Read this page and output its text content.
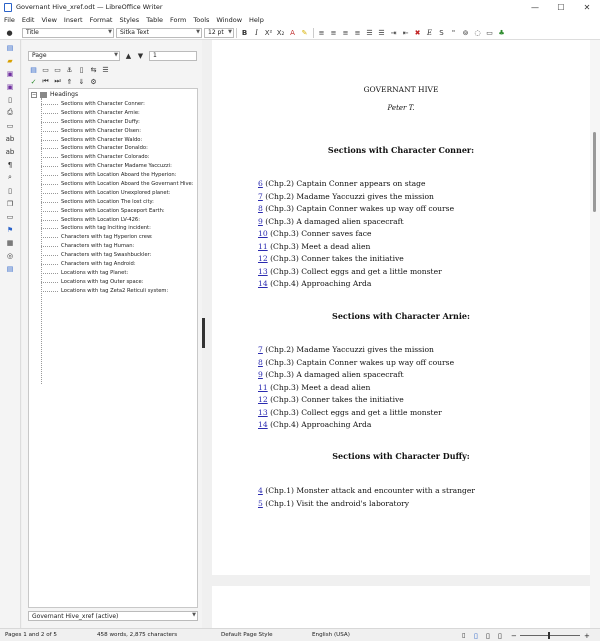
Governant Hive_xref.odt — LibreOffice Writer	—	☐	✕
File Edit View Insert Format Styles Table Form Tools Window Help
●	Title	▼ Sitka Text	▼ 12 pt ▼	B	I X² X₂ A ✎	≡ ≡ ≡ ≡ ☰ ☰ ⇥ ⇤ ✖ E	S	"	⊚ ◌ ▭ ♣
▤
▰
▣
▣
▯
⎙
▭
ab
ab
¶
⌕
▯
❐
▭
⚑
▦
◎
▤
Page	▼	▲ ▼	1
▤ ▭ ▭ ⚓ ▯	⇆ ☰
✓ ⏮ ⏭ ⇑ ⇓ ⚙
− Headings
Sections with Character Conner:
Sections with Character Arnie:
Sections with Character Duffy:
Sections with Character Olsen:
Sections with Character Waldo:
Sections with Character Donaldo:
Sections with Character Colorado:
Sections with Character Madame Yaccuzzi:
Sections with Location Aboard the Hyperion:
Sections with Location Aboard the Governant Hive:
Sections with Location Unexplored planet:
Sections with Location The lost city:
Sections with Location Spaceport Earth:
Sections with Location LV-426:
Sections with tag Inciting incident:
Characters with tag Hyperion crew:
Characters with tag Human:
Characters with tag Swashbuckler:
Characters with tag Android:
Locations with tag Planet:
Locations with tag Outer space:
Locations with tag Zeta2 Reticuli system:
Governant Hive_xref (active)	▼
GOVERNANT HIVE
Peter T.
Sections with Character Conner:
6 (Chp.2) Captain Conner appears on stage
7 (Chp.2) Madame Yaccuzzi gives the mission
8 (Chp.3) Captain Conner wakes up way off course
9 (Chp.3) A damaged alien spacecraft
10 (Chp.3) Conner saves face
11 (Chp.3) Meet a dead alien
12 (Chp.3) Conner takes the initiative
13 (Chp.3) Collect eggs and get a little monster
14 (Chp.4) Approaching Arda
Sections with Character Arnie:
7 (Chp.2) Madame Yaccuzzi gives the mission
8 (Chp.3) Captain Conner wakes up way off course
9 (Chp.3) A damaged alien spacecraft
11 (Chp.3) Meet a dead alien
12 (Chp.3) Conner takes the initiative
13 (Chp.3) Collect eggs and get a little monster
14 (Chp.4) Approaching Arda
Sections with Character Duffy:
4 (Chp.1) Monster attack and encounter with a stranger
5 (Chp.1) Visit the android's laboratory
Pages 1 and 2 of 5	458 words, 2,875 characters	Default Page Style	English (USA)	▯ ▯ ▯ ▯ −	+
